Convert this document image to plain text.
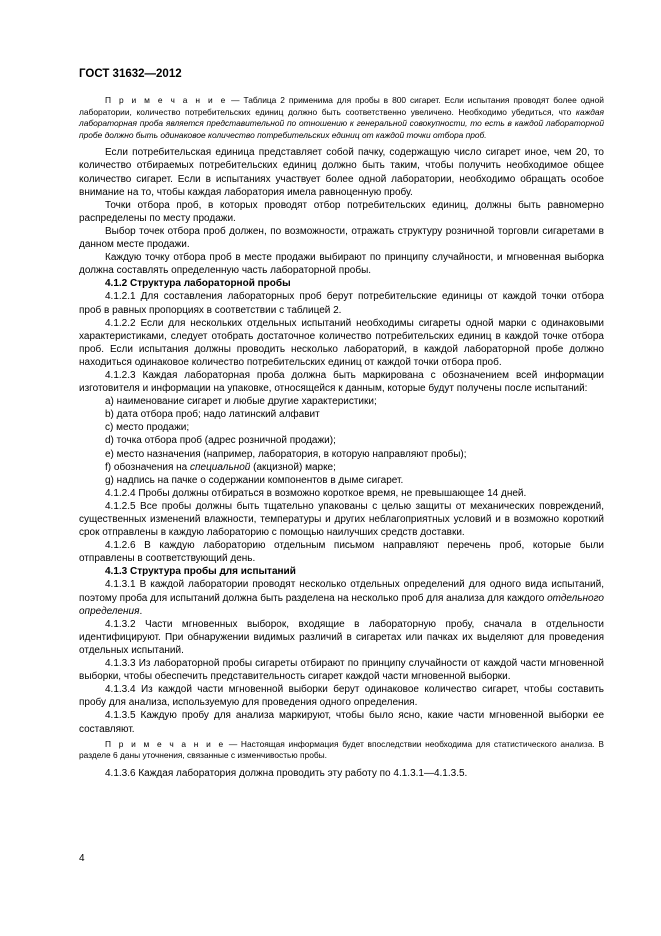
ГОСТ 31632—2012

П р и м е ч а н и е — Таблица 2 применима для пробы в 800 сигарет. Если испытания проводят более одной лаборатории, количество потребительских единиц должно быть соответственно увеличено. Необходимо убедиться, что каждая лабораторная проба является представительной по отношению к генеральной совокупности, то есть в каждой лабораторной пробе должно быть одинаковое количество потребительских единиц от каждой точки отбора проб.

Если потребительская единица представляет собой пачку, содержащую число сигарет иное, чем 20, то количество отбираемых потребительских единиц должно быть таким, чтобы получить необходимое общее количество сигарет. Если в испытаниях участвует более одной лаборатории, необходимо обращать особое внимание на то, чтобы каждая лаборатория имела равноценную пробу.

Точки отбора проб, в которых проводят отбор потребительских единиц, должны быть равномерно распределены по месту продажи.

Выбор точек отбора проб должен, по возможности, отражать структуру розничной торговли сигаретами в данном месте продажи.

Каждую точку отбора проб в месте продажи выбирают по принципу случайности, и мгновенная выборка должна составлять определенную часть лабораторной пробы.

4.1.2 Структура лабораторной пробы

4.1.2.1 Для составления лабораторных проб берут потребительские единицы от каждой точки отбора проб в равных пропорциях в соответствии с таблицей 2.

4.1.2.2 Если для нескольких отдельных испытаний необходимы сигареты одной марки с одинаковыми характеристиками, следует отобрать достаточное количество потребительских единиц в каждой точке отбора проб. Если испытания должны проводить несколько лабораторий, в каждой лабораторной пробе должно находиться одинаковое количество потребительских единиц от каждой точки отбора проб.

4.1.2.3 Каждая лабораторная проба должна быть маркирована с обозначением всей информации изготовителя и информации на упаковке, относящейся к данным, которые будут получены после испытаний:

a) наименование сигарет и любые другие характеристики;

b) дата отбора проб; надо латинский алфавит

c) место продажи;

d) точка отбора проб (адрес розничной продажи);

e) место назначения (например, лаборатория, в которую направляют пробы);

f) обозначения на специальной (акцизной) марке;

g) надпись на пачке о содержании компонентов в дыме сигарет.

4.1.2.4 Пробы должны отбираться в возможно короткое время, не превышающее 14 дней.

4.1.2.5 Все пробы должны быть тщательно упакованы с целью защиты от механических повреждений, существенных изменений влажности, температуры и других неблагоприятных условий и в возможно короткий срок отправлены в каждую лабораторию с помощью наилучших средств доставки.

4.1.2.6 В каждую лабораторию отдельным письмом направляют перечень проб, которые были отправлены в соответствующий день.

4.1.3 Структура пробы для испытаний

4.1.3.1 В каждой лаборатории проводят несколько отдельных определений для одного вида испытаний, поэтому проба для испытаний должна быть разделена на несколько проб для анализа для каждого отдельного определения.

4.1.3.2 Части мгновенных выборок, входящие в лабораторную пробу, сначала в отдельности идентифицируют. При обнаружении видимых различий в сигаретах или пачках их выделяют для проведения отдельных испытаний.

4.1.3.3 Из лабораторной пробы сигареты отбирают по принципу случайности от каждой части мгновенной выборки, чтобы обеспечить представительность сигарет каждой части мгновенной выборки.

4.1.3.4 Из каждой части мгновенной выборки берут одинаковое количество сигарет, чтобы составить пробу для анализа, используемую для проведения одного определения.

4.1.3.5 Каждую пробу для анализа маркируют, чтобы было ясно, какие части мгновенной выборки ее составляют.

П р и м е ч а н и е — Настоящая информация будет впоследствии необходима для статистического анализа. В разделе 6 даны уточнения, связанные с изменчивостью пробы.

4.1.3.6 Каждая лаборатория должна проводить эту работу по 4.1.3.1—4.1.3.5.

4
